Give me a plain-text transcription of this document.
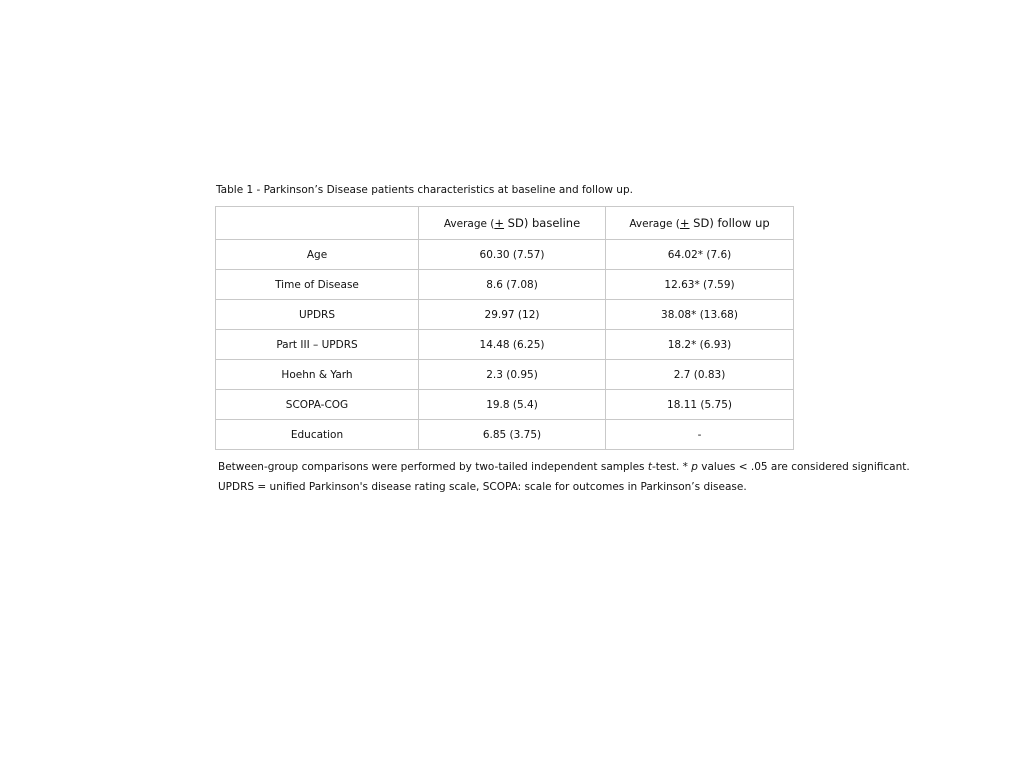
Table 1 - Parkinson’s Disease patients characteristics at baseline and follow up.
	Average (+ SD) baseline	Average (+ SD) follow up
Age	60.30 (7.57)	64.02* (7.6)
Time of Disease	8.6 (7.08)	12.63* (7.59)
UPDRS	29.97 (12)	38.08* (13.68)
Part III – UPDRS	14.48 (6.25)	18.2* (6.93)
Hoehn & Yarh	2.3 (0.95)	2.7 (0.83)
SCOPA-COG	19.8 (5.4)	18.11 (5.75)
Education	6.85 (3.75)	-
Between-group comparisons were performed by two-tailed independent samples t-test. * p values < .05 are considered significant.
UPDRS = unified Parkinson's disease rating scale, SCOPA: scale for outcomes in Parkinson’s disease.
